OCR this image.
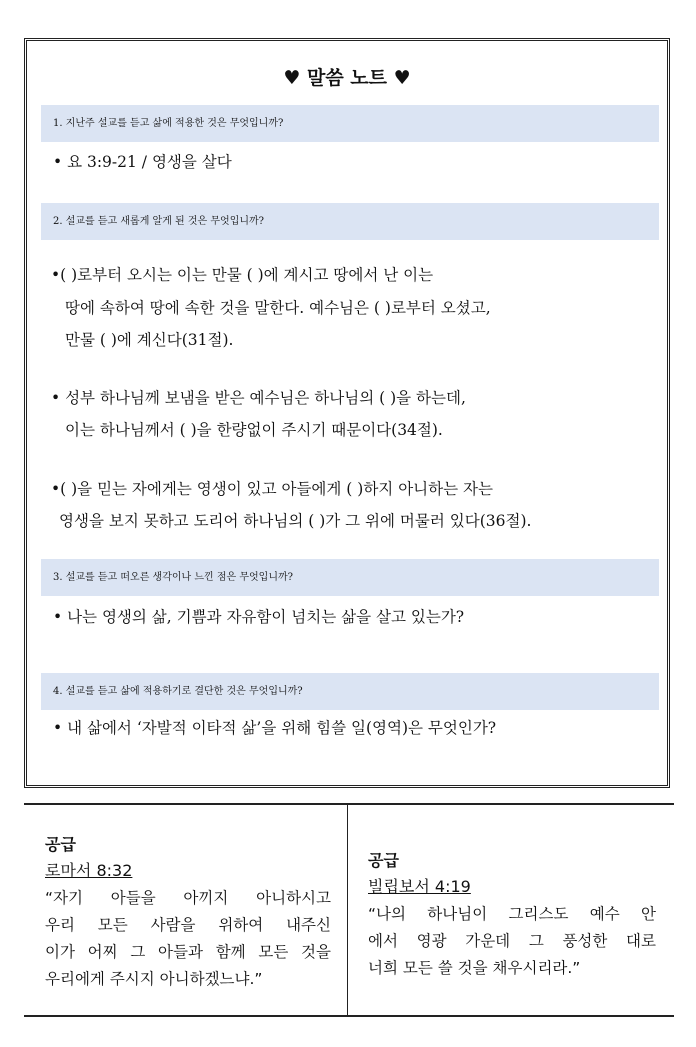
♥ 말씀 노트 ♥
1. 지난주 설교를 듣고 삶에 적용한 것은 무엇입니까?
• 요 3:9-21 / 영생을 살다
2. 설교를 듣고 새롭게 알게 된 것은 무엇입니까?
•( )로부터 오시는 이는 만물 ( )에 계시고 땅에서 난 이는
땅에 속하여 땅에 속한 것을 말한다. 예수님은 ( )로부터 오셨고,
만물 ( )에 계신다(31절).
• 성부 하나님께 보냄을 받은 예수님은 하나님의 ( )을 하는데,
이는 하나님께서 ( )을 한량없이 주시기 때문이다(34절).
•( )을 믿는 자에게는 영생이 있고 아들에게 ( )하지 아니하는 자는
영생을 보지 못하고 도리어 하나님의 ( )가 그 위에 머물러 있다(36절).
3. 설교를 듣고 떠오른 생각이나 느낀 점은 무엇입니까?
• 나는 영생의 삶, 기쁨과 자유함이 넘치는 삶을 살고 있는가?
4. 설교를 듣고 삶에 적용하기로 결단한 것은 무엇입니까?
• 내 삶에서 ‘자발적 이타적 삶’을 위해 힘쓸 일(영역)은 무엇인가?
공급
로마서 8:32
“자기 아들을 아끼지 아니하시고
우리 모든 사람을 위하여 내주신
이가 어찌 그 아들과 함께 모든 것을
우리에게 주시지 아니하겠느냐.”
공급
빌립보서 4:19
“나의 하나님이 그리스도 예수 안
에서 영광 가운데 그 풍성한 대로
너희 모든 쓸 것을 채우시리라.”
